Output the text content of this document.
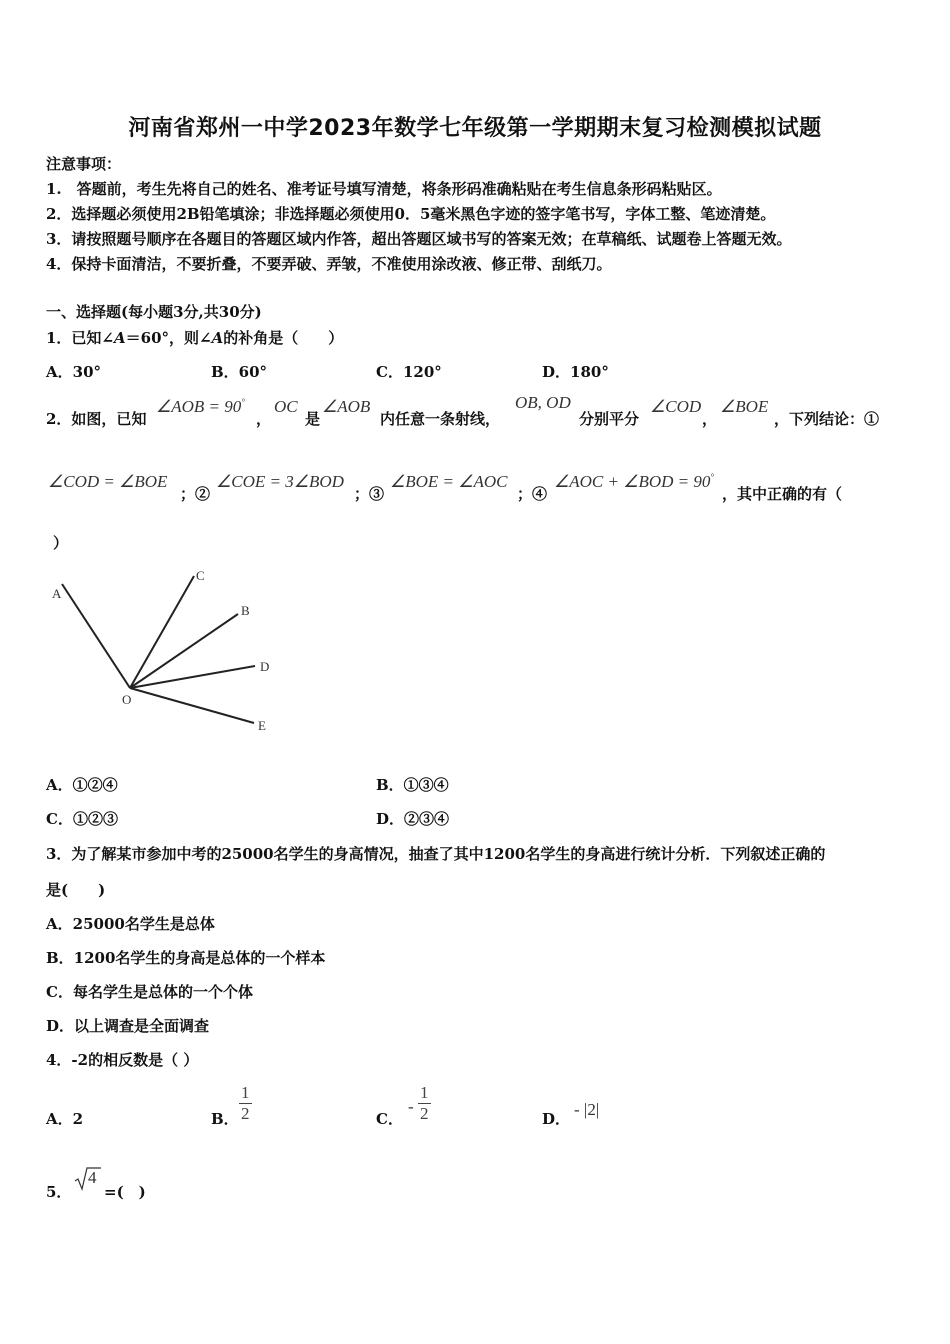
河南省郑州一中学2023年数学七年级第一学期期末复习检测模拟试题
注意事项：
1.　答题前，考生先将自己的姓名、准考证号填写清楚，将条形码准确粘贴在考生信息条形码粘贴区。
2．选择题必须使用2B铅笔填涂；非选择题必须使用0．5毫米黑色字迹的签字笔书写，字体工整、笔迹清楚。
3．请按照题号顺序在各题目的答题区域内作答，超出答题区域书写的答案无效；在草稿纸、试题卷上答题无效。
4．保持卡面清洁，不要折叠，不要弄破、弄皱，不准使用涂改液、修正带、刮纸刀。
一、选择题(每小题3分,共30分)
1．已知∠A＝60°，则∠A的补角是（　　）
A．30°	B．60°	C．120°	D．180°
2．如图，已知
∠AOB = 90°
，
OC
是
∠AOB
内任意一条射线，
OB, OD
分别平分
∠COD
，
∠BOE
，下列结论：①
∠COD = ∠BOE
；②
∠COE = 3∠BOD
；③
∠BOE = ∠AOC
；④
∠AOC + ∠BOD = 90°
，其中正确的有（
）
A
C
B
D
E
O
A．①②④	B．①③④
C．①②③	D．②③④
3．为了解某市参加中考的25000名学生的身高情况，抽查了其中1200名学生的身高进行统计分析．下列叙述正确的
是(　　)
A．25000名学生是总体
B．1200名学生的身高是总体的一个样本
C．每名学生是总体的一个个体
D．以上调查是全面调查
4．-2的相反数是（ ）
A．2	B． $\frac{1}{2}$	C．
- $\frac{1}{2}$	D． - |2|
5．
4
=(　)
